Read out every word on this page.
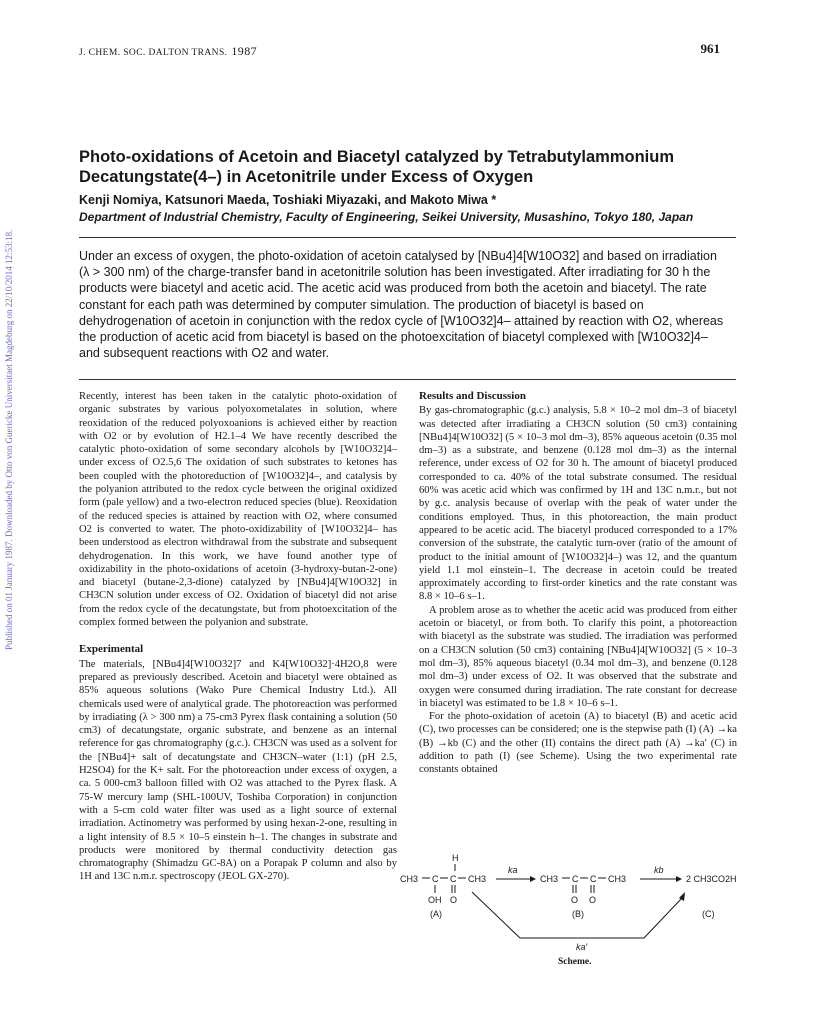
J. CHEM. SOC. DALTON TRANS. 1987	961
Published on 01 January 1987. Downloaded by Otto von Guericke Universitaet Magdeburg on 22/10/2014 12:53:18.
Photo-oxidations of Acetoin and Biacetyl catalyzed by Tetrabutylammonium
Decatungstate(4–) in Acetonitrile under Excess of Oxygen
Kenji Nomiya, Katsunori Maeda, Toshiaki Miyazaki, and Makoto Miwa *
Department of Industrial Chemistry, Faculty of Engineering, Seikei University, Musashino, Tokyo 180, Japan
Under an excess of oxygen, the photo-oxidation of acetoin catalysed by [NBu4]4[W10O32] and based on irradiation (λ > 300 nm) of the charge-transfer band in acetonitrile solution has been investigated. After irradiating for 30 h the products were biacetyl and acetic acid. The acetic acid was produced from both the acetoin and biacetyl. The rate constant for each path was determined by computer simulation. The production of biacetyl is based on dehydrogenation of acetoin in conjunction with the redox cycle of [W10O32]4– attained by reaction with O2, whereas the production of acetic acid from biacetyl is based on the photoexcitation of biacetyl complexed with [W10O32]4– and subsequent reactions with O2 and water.

Recently, interest has been taken in the catalytic photo-oxidation of organic substrates by various polyoxometalates in solution, where reoxidation of the reduced polyoxoanions is achieved either by reaction with O2 or by evolution of H2.1–4 We have recently described the catalytic photo-oxidation of some secondary alcohols by [W10O32]4– under excess of O2.5,6 The oxidation of such substrates to ketones has been coupled with the photoreduction of [W10O32]4–, and catalysis by the polyanion attributed to the redox cycle between the original oxidized form (pale yellow) and a two-electron reduced species (blue). Reoxidation of the reduced species is attained by reaction with O2, where consumed O2 is converted to water. The photo-oxidizability of [W10O32]4– has been understood as electron withdrawal from the substrate and subsequent dehydrogenation. In this work, we have found another type of oxidizability in the photo-oxidations of acetoin (3-hydroxy-butan-2-one) and biacetyl (butane-2,3-dione) catalyzed by [NBu4]4[W10O32] in CH3CN solution under excess of O2. Oxidation of biacetyl did not arise from the redox cycle of the decatungstate, but from photoexcitation of the complex formed between the polyanion and substrate.

Experimental

The materials, [NBu4]4[W10O32]7 and K4[W10O32]·4H2O,8 were prepared as previously described. Acetoin and biacetyl were obtained as 85% aqueous solutions (Wako Pure Chemical Industry Ltd.). All chemicals used were of analytical grade. The photoreaction was performed by irradiating (λ > 300 nm) a 75-cm3 Pyrex flask containing a solution (50 cm3) of decatungstate, organic substrate, and benzene as an internal reference for gas chromatography (g.c.). CH3CN was used as a solvent for the [NBu4]+ salt of decatungstate and CH3CN–water (1:1) (pH 2.5, H2SO4) for the K+ salt. For the photoreaction under excess of oxygen, a ca. 5 000-cm3 balloon filled with O2 was attached to the Pyrex flask. A 75-W mercury lamp (SHL-100UV, Toshiba Corporation) in conjunction with a 5-cm cold water filter was used as a light source of external irradiation. Actinometry was performed by using hexan-2-one, resulting in a light intensity of 8.5 × 10–5 einstein h–1. The changes in substrate and products were monitored by thermal conductivity detection gas chromatography (Shimadzu GC-8A) on a Porapak P column and also by 1H and 13C n.m.r. spectroscopy (JEOL GX-270).

Results and Discussion

By gas-chromatographic (g.c.) analysis, 5.8 × 10–2 mol dm–3 of biacetyl was detected after irradiating a CH3CN solution (50 cm3) containing [NBu4]4[W10O32] (5 × 10–3 mol dm–3), 85% aqueous acetoin (0.35 mol dm–3) as a substrate, and benzene (0.128 mol dm–3) as the internal reference, under excess of O2 for 30 h. The amount of biacetyl produced corresponded to ca. 40% of the total substrate consumed. The residual 60% was acetic acid which was confirmed by 1H and 13C n.m.r., but not by g.c. analysis because of overlap with the peak of water under the conditions employed. Thus, in this photoreaction, the main product appeared to be acetic acid. The biacetyl produced corresponded to a 17% conversion of the substrate, the catalytic turn-over (ratio of the amount of product to the initial amount of [W10O32]4–) was 12, and the quantum yield 1.1 mol einstein–1. The decrease in acetoin could be treated approximately according to first-order kinetics and the rate constant was 8.8 × 10–6 s–1.

A problem arose as to whether the acetic acid was produced from either acetoin or biacetyl, or from both. To clarify this point, a photoreaction with biacetyl as the substrate was studied. The irradiation was performed on a CH3CN solution (50 cm3) containing [NBu4]4[W10O32] (5 × 10–3 mol dm–3), 85% aqueous biacetyl (0.34 mol dm–3), and benzene (0.128 mol dm–3) under excess of O2. It was observed that the substrate and oxygen were consumed during irradiation. The rate constant for decrease in biacetyl was estimated to be 1.8 × 10–6 s–1.

For the photo-oxidation of acetoin (A) to biacetyl (B) and acetic acid (C), two processes can be considered; one is the stepwise path (I) (A) →ka (B) →kb (C) and the other (II) contains the direct path (A) →ka′ (C) in addition to path (I) (see Scheme). Using the two experimental rate constants obtained

H
CH3 C C CH3
OH O
(A)
ka
CH3 C C CH3
O O
(B)
kb
2 CH3CO2H
(C)
ka′
Scheme.
